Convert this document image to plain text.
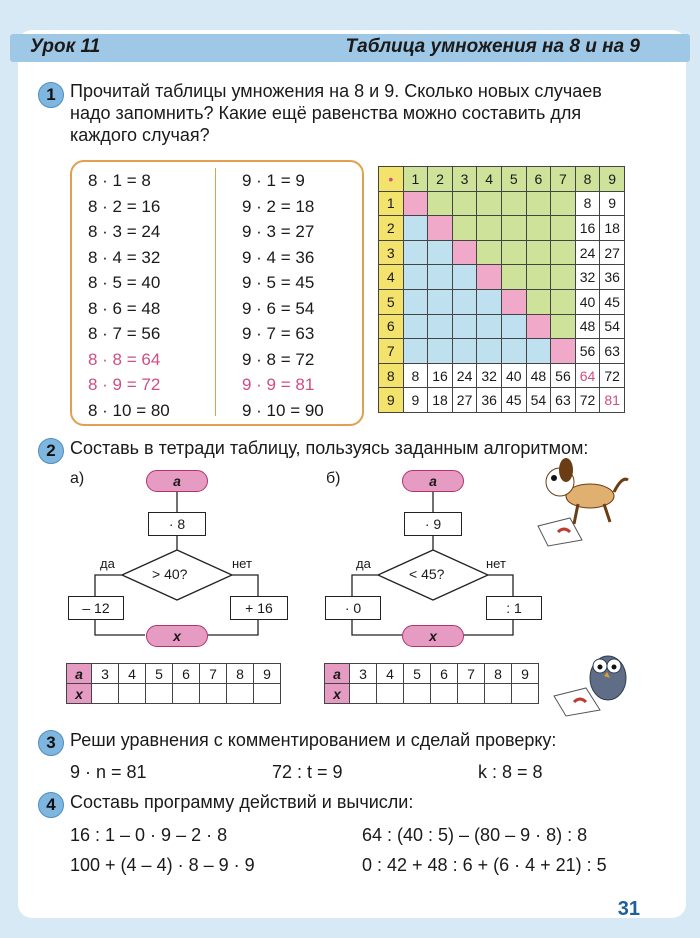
Урок 11	Таблица умножения на 8 и на 9
1 Прочитай таблицы умножения на 8 и 9. Сколько новых случаев
надо запомнить? Какие ещё равенства можно составить для
каждого случая?
8 · 1 = 8
8 · 2 = 16
8 · 3 = 24
8 · 4 = 32
8 · 5 = 40
8 · 6 = 48
8 · 7 = 56
8 · 8 = 64
8 · 9 = 72
8 · 10 = 80
9 · 1 = 9
9 · 2 = 18
9 · 3 = 27
9 · 4 = 36
9 · 5 = 45
9 · 6 = 54
9 · 7 = 63
9 · 8 = 72
9 · 9 = 81
9 · 10 = 90
•	1	2	3	4	5	6	7	8	9
1								8	9
2								16	18
3								24	27
4								32	36
5								40	45
6								48	54
7								56	63
8	8	16	24	32	40	48	56	64	72
9	9	18	27	36	45	54	63	72	81
2 Составь в тетради таблицу, пользуясь заданным алгоритмом:
а)	a
· 8
> 40?
да	нет
– 12	+ 16
x
б)	a
· 9
< 45?
да	нет
· 0	: 1
x
a	3	4	5	6	7	8	9
x							
a	3	4	5	6	7	8	9
x							
3 Реши уравнения с комментированием и сделай проверку:
9 · n = 81	72 : t = 9	k : 8 = 8
4 Составь программу действий и вычисли:
16 : 1 – 0 · 9 – 2 · 8	64 : (40 : 5) – (80 – 9 · 8) : 8
100 + (4 – 4) · 8 – 9 · 9	0 : 42 + 48 : 6 + (6 · 4 + 21) : 5
31
